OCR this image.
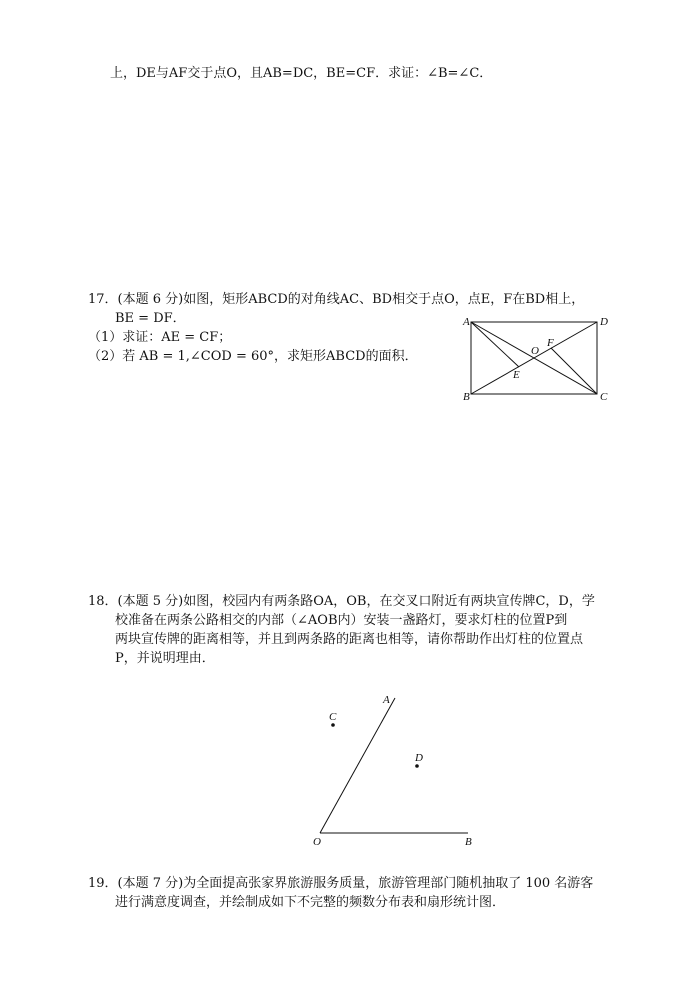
上，DE与AF交于点O，且AB=DC，BE=CF．求证：∠B=∠C．
17．(本题 6 分)如图，矩形ABCD的对角线AC、BD相交于点O，点E，F在BD相上，
BE = DF．
（1）求证：AE = CF；
（2）若 AB = 1,∠COD = 60°，求矩形ABCD的面积．
A	D
B	C
O
F
E
18．(本题 5 分)如图，校园内有两条路OA，OB，在交叉口附近有两块宣传牌C，D，学
校准备在两条公路相交的内部（∠AOB内）安装一盏路灯，要求灯柱的位置P到
两块宣传牌的距离相等，并且到两条路的距离也相等，请你帮助作出灯柱的位置点
P，并说明理由．
C
D
A
O	B
19．(本题 7 分)为全面提高张家界旅游服务质量，旅游管理部门随机抽取了 100 名游客
进行满意度调查，并绘制成如下不完整的频数分布表和扇形统计图．
